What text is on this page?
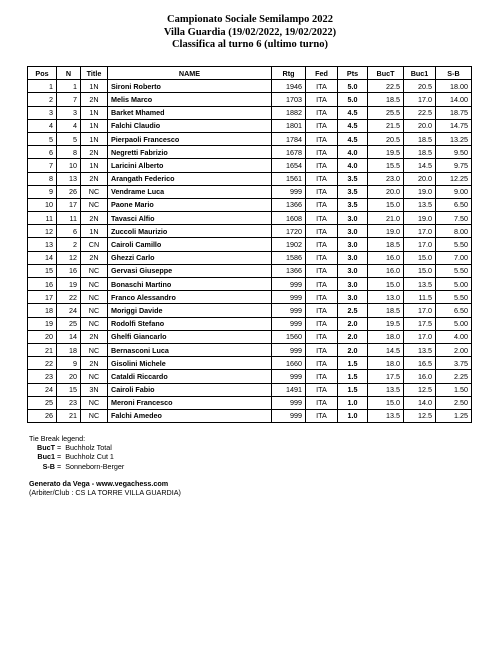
Campionato Sociale Semilampo 2022
Villa Guardia (19/02/2022, 19/02/2022)
Classifica al turno 6 (ultimo turno)
Pos	N	Title	NAME	Rtg	Fed	Pts	BucT	Buc1	S-B
1	1	1N	Sironi Roberto	1946	ITA	5.0	22.5	20.5	18.00
2	7	2N	Melis Marco	1703	ITA	5.0	18.5	17.0	14.00
3	3	1N	Barket Mhamed	1882	ITA	4.5	25.5	22.5	18.75
4	4	1N	Falchi Claudio	1801	ITA	4.5	21.5	20.0	14.75
5	5	1N	Pierpaoli Francesco	1784	ITA	4.5	20.5	18.5	13.25
6	8	2N	Negretti Fabrizio	1678	ITA	4.0	19.5	18.5	9.50
7	10	1N	Laricini Alberto	1654	ITA	4.0	15.5	14.5	9.75
8	13	2N	Arangath Federico	1561	ITA	3.5	23.0	20.0	12.25
9	26	NC	Vendrame Luca	999	ITA	3.5	20.0	19.0	9.00
10	17	NC	Paone Mario	1366	ITA	3.5	15.0	13.5	6.50
11	11	2N	Tavasci Alfio	1608	ITA	3.0	21.0	19.0	7.50
12	6	1N	Zuccoli Maurizio	1720	ITA	3.0	19.0	17.0	8.00
13	2	CN	Cairoli Camillo	1902	ITA	3.0	18.5	17.0	5.50
14	12	2N	Ghezzi Carlo	1586	ITA	3.0	16.0	15.0	7.00
15	16	NC	Gervasi Giuseppe	1366	ITA	3.0	16.0	15.0	5.50
16	19	NC	Bonaschi Martino	999	ITA	3.0	15.0	13.5	5.00
17	22	NC	Franco Alessandro	999	ITA	3.0	13.0	11.5	5.50
18	24	NC	Moriggi Davide	999	ITA	2.5	18.5	17.0	6.50
19	25	NC	Rodolfi Stefano	999	ITA	2.0	19.5	17.5	5.00
20	14	2N	Ghelfi Giancarlo	1560	ITA	2.0	18.0	17.0	4.00
21	18	NC	Bernasconi Luca	999	ITA	2.0	14.5	13.5	2.00
22	9	2N	Gisolini Michele	1660	ITA	1.5	18.0	16.5	3.75
23	20	NC	Cataldi Riccardo	999	ITA	1.5	17.5	16.0	2.25
24	15	3N	Cairoli Fabio	1491	ITA	1.5	13.5	12.5	1.50
25	23	NC	Meroni Francesco	999	ITA	1.0	15.0	14.0	2.50
26	21	NC	Falchi Amedeo	999	ITA	1.0	13.5	12.5	1.25
Tie Break legend:
BucT =  Buchholz Total
Buc1 =  Buchholz Cut 1
S-B =  Sonneborn-Berger
Generato da Vega - www.vegachess.com
(Arbiter/Club : CS LA TORRE VILLA GUARDIA)
